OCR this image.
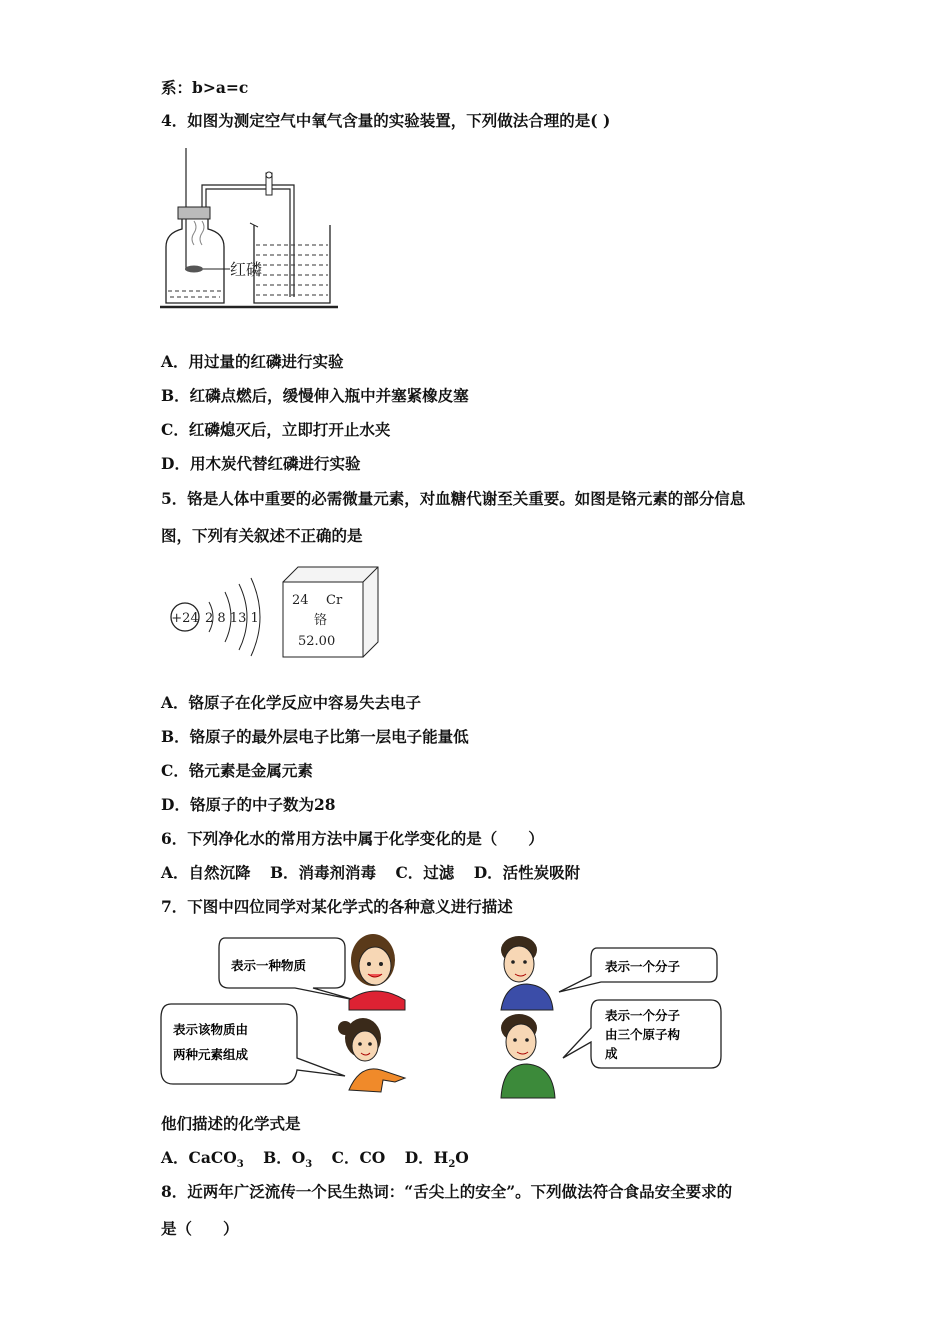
系：b>a=c
4．如图为测定空气中氧气含量的实验装置，下列做法合理的是( )
红磷
A．用过量的红磷进行实验
B．红磷点燃后，缓慢伸入瓶中并塞紧橡皮塞
C．红磷熄灭后，立即打开止水夹
D．用木炭代替红磷进行实验
5．铬是人体中重要的必需微量元素，对血糖代谢至关重要。如图是铬元素的部分信息
图，下列有关叙述不正确的是
+24 2 8 13 1
24 Cr
铬
52.00
A．铬原子在化学反应中容易失去电子
B．铬原子的最外层电子比第一层电子能量低
C．铬元素是金属元素
D．铬原子的中子数为28
6．下列净化水的常用方法中属于化学变化的是（　　）
A．自然沉降 B．消毒剂消毒 C．过滤 D．活性炭吸附
7．下图中四位同学对某化学式的各种意义进行描述
表示一种物质
表示该物质由
两种元素组成
表示一个分子
表示一个分子
由三个原子构
成
他们描述的化学式是
A．CaCO$_3$ B．$O_3$ C．CO D．$H_2O$
8．近两年广泛流传一个民生热词：“舌尖上的安全”。下列做法符合食品安全要求的
是（　　）
